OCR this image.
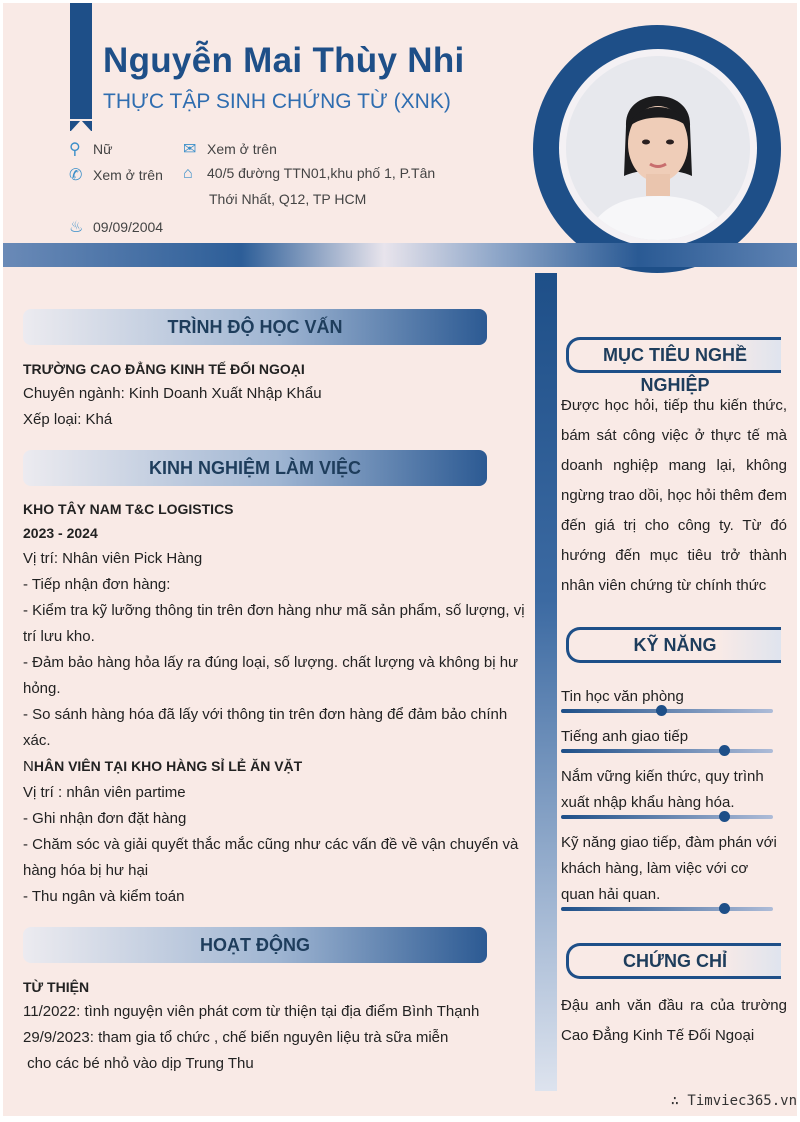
Nguyễn Mai Thùy Nhi
THỰC TẬP SINH CHỨNG TỪ (XNK)
⚲ Nữ
✆ Xem ở trên
♨ 09/09/2004
✉ Xem ở trên
⌂ 40/5 đường TTN01,khu phố 1, P.Tân
Thới Nhất, Q12, TP HCM
TRÌNH ĐỘ HỌC VẤN
TRƯỜNG CAO ĐẲNG KINH TẾ ĐỐI NGOẠI
Chuyên ngành: Kinh Doanh Xuất Nhập Khẩu
Xếp loại: Khá
KINH NGHIỆM LÀM VIỆC
KHO TÂY NAM T&C LOGISTICS
2023 - 2024
Vị trí: Nhân viên Pick Hàng
- Tiếp nhận đơn hàng:
- Kiểm tra kỹ lưỡng thông tin trên đơn hàng như mã sản phẩm, số lượng, vị
trí lưu kho.
- Đảm bảo hàng hỏa lấy ra đúng loại, số lượng. chất lượng và không bị hư
hỏng.
- So sánh hàng hóa đã lấy với thông tin trên đơn hàng để đảm bảo chính
xác.
NHÂN VIÊN TẠI KHO HÀNG SỈ LẺ ĂN VẶT
Vị trí : nhân viên partime
- Ghi nhận đơn đặt hàng
- Chăm sóc và giải quyết thắc mắc cũng như các vấn đề về vận chuyển và
hàng hóa bị hư hại
- Thu ngân và kiểm toán
HOẠT ĐỘNG
TỪ THIỆN
11/2022: tình nguyện viên phát cơm từ thiện tại địa điểm Bình Thạnh
29/9/2023: tham gia tổ chức , chế biến nguyên liệu trà sữa miễn
cho các bé nhỏ vào dịp Trung Thu
MỤC TIÊU NGHỀ NGHIỆP
Được học hỏi, tiếp thu kiến thức, bám sát công việc ở thực tế mà doanh nghiệp mang lại, không ngừng trao dồi, học hỏi thêm đem đến giá trị cho công ty. Từ đó hướng đến mục tiêu trở thành nhân viên chứng từ chính thức
KỸ NĂNG
Tin học văn phòng
Tiếng anh giao tiếp
Nắm vững kiến thức, quy trình
xuất nhập khẩu hàng hóa.
Kỹ năng giao tiếp, đàm phán với
khách hàng, làm việc với cơ
quan hải quan.
CHỨNG CHỈ
Đậu anh văn đầu ra của trường
Cao Đẳng Kinh Tế Đối Ngoại
∴ Timviec365.vn
